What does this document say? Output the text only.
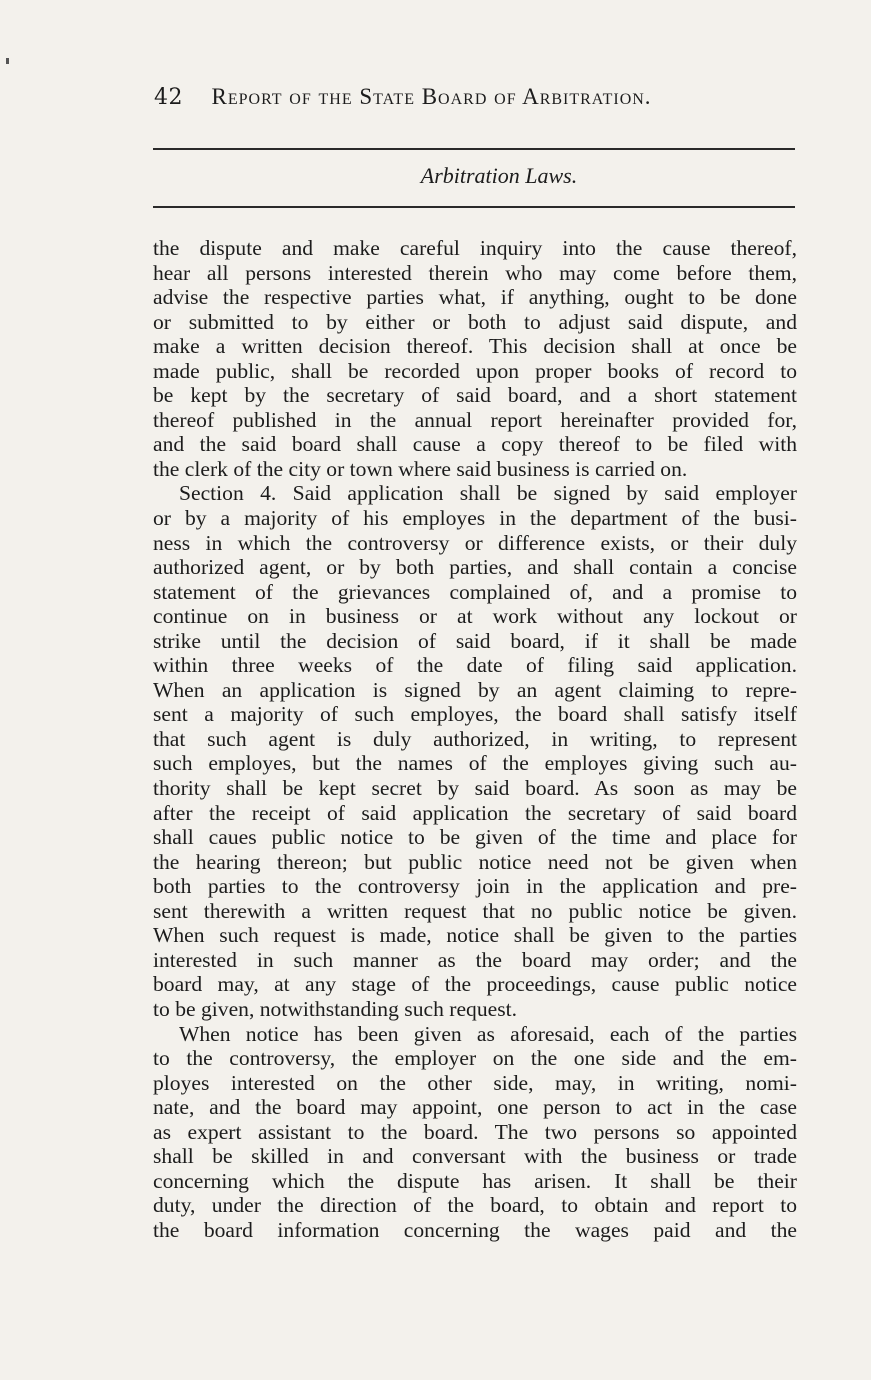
42 Report of the State Board of Arbitration.
Arbitration Laws.
the dispute and make careful inquiry into the cause thereof,
hear all persons interested therein who may come before them,
advise the respective parties what, if anything, ought to be done
or submitted to by either or both to adjust said dispute, and
make a written decision thereof. This decision shall at once be
made public, shall be recorded upon proper books of record to
be kept by the secretary of said board, and a short statement
thereof published in the annual report hereinafter provided for,
and the said board shall cause a copy thereof to be filed with
the clerk of the city or town where said business is carried on.
Section 4. Said application shall be signed by said employer
or by a majority of his employes in the department of the busi-
ness in which the controversy or difference exists, or their duly
authorized agent, or by both parties, and shall contain a concise
statement of the grievances complained of, and a promise to
continue on in business or at work without any lockout or
strike until the decision of said board, if it shall be made
within three weeks of the date of filing said application.
When an application is signed by an agent claiming to repre-
sent a majority of such employes, the board shall satisfy itself
that such agent is duly authorized, in writing, to represent
such employes, but the names of the employes giving such au-
thority shall be kept secret by said board. As soon as may be
after the receipt of said application the secretary of said board
shall caues public notice to be given of the time and place for
the hearing thereon; but public notice need not be given when
both parties to the controversy join in the application and pre-
sent therewith a written request that no public notice be given.
When such request is made, notice shall be given to the parties
interested in such manner as the board may order; and the
board may, at any stage of the proceedings, cause public notice
to be given, notwithstanding such request.
When notice has been given as aforesaid, each of the parties
to the controversy, the employer on the one side and the em-
ployes interested on the other side, may, in writing, nomi-
nate, and the board may appoint, one person to act in the case
as expert assistant to the board. The two persons so appointed
shall be skilled in and conversant with the business or trade
concerning which the dispute has arisen. It shall be their
duty, under the direction of the board, to obtain and report to
the board information concerning the wages paid and the
